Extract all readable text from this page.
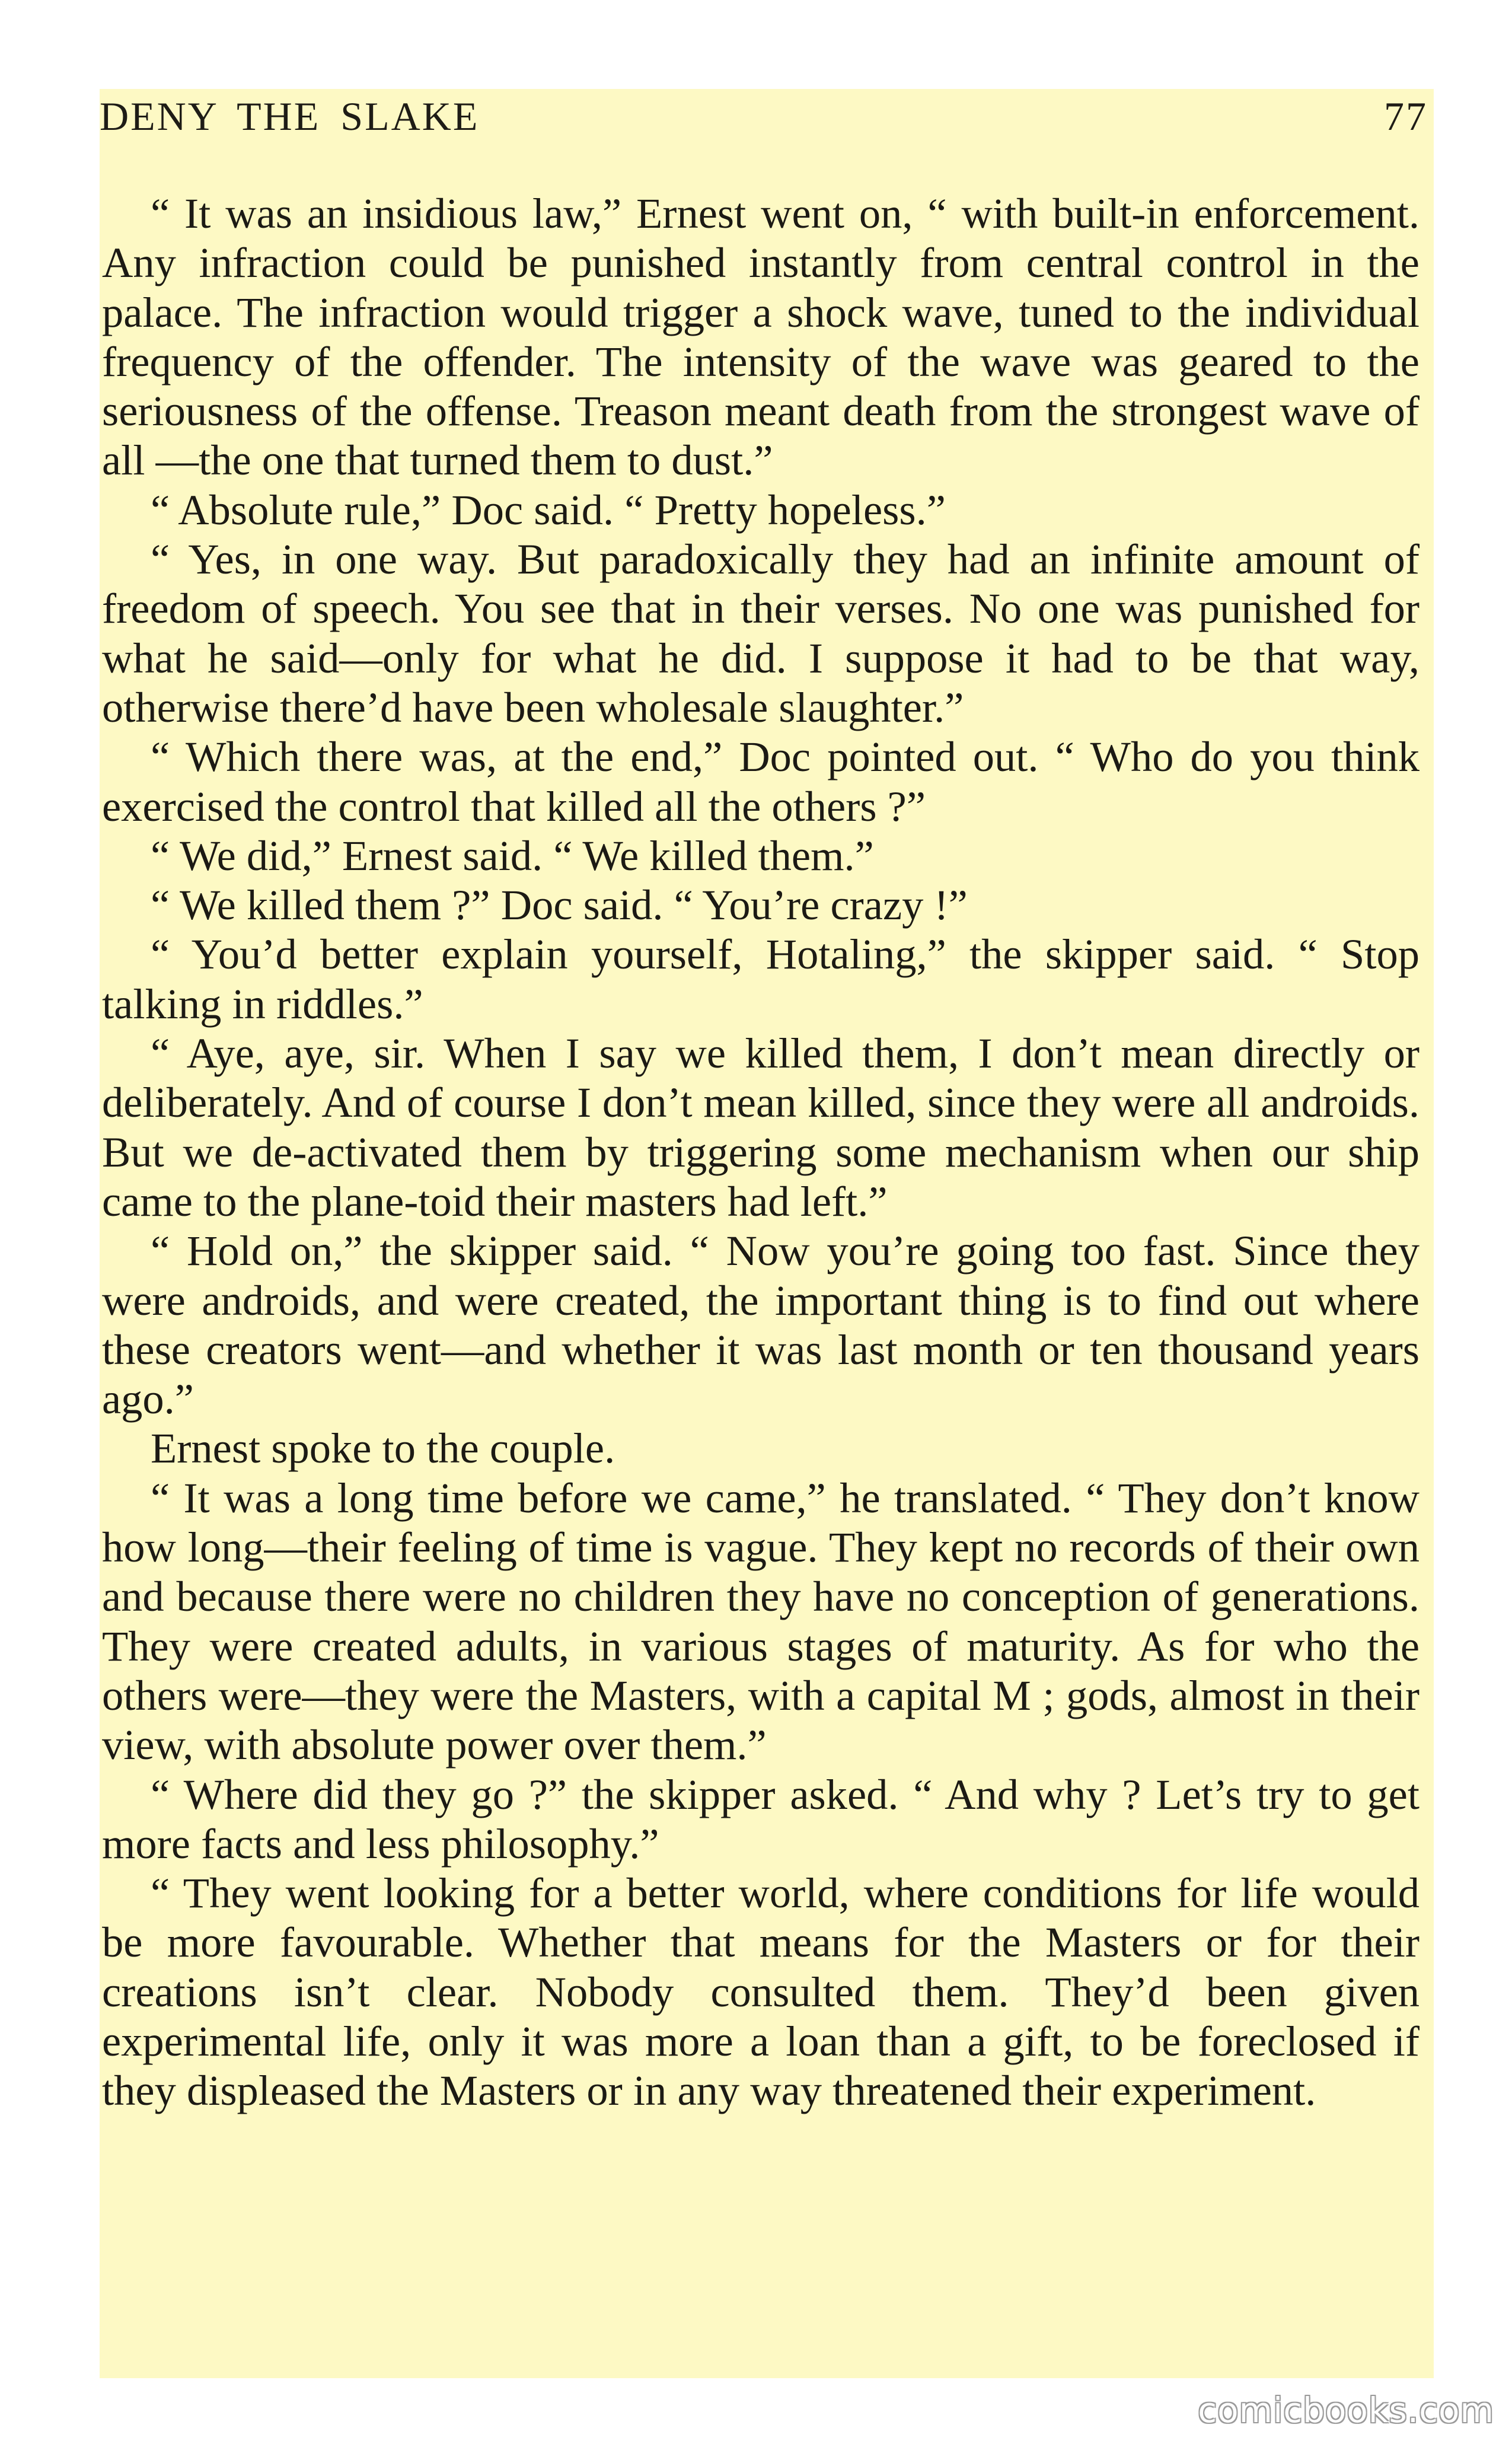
DENY THE SLAKE	77

“ It was an insidious law,” Ernest went on, “ with built-in enforcement. Any infraction could be punished instantly from central control in the palace. The infraction would trigger a shock wave, tuned to the individual frequency of the offender. The intensity of the wave was geared to the seriousness of the offense. Treason meant death from the strongest wave of all —the one that turned them to dust.”

“ Absolute rule,” Doc said. “ Pretty hopeless.”

“ Yes, in one way. But paradoxically they had an infinite amount of freedom of speech. You see that in their verses. No one was punished for what he said—only for what he did. I suppose it had to be that way, otherwise there’d have been wholesale slaughter.”

“ Which there was, at the end,” Doc pointed out. “ Who do you think exercised the control that killed all the others ?”

“ We did,” Ernest said. “ We killed them.”

“ We killed them ?” Doc said. “ You’re crazy !”

“ You’d better explain yourself, Hotaling,” the skipper said. “ Stop talking in riddles.”

“ Aye, aye, sir. When I say we killed them, I don’t mean directly or deliberately. And of course I don’t mean killed, since they were all androids. But we de-activated them by triggering some mechanism when our ship came to the plane-toid their masters had left.”

“ Hold on,” the skipper said. “ Now you’re going too fast. Since they were androids, and were created, the important thing is to find out where these creators went—and whether it was last month or ten thousand years ago.”

Ernest spoke to the couple.

“ It was a long time before we came,” he translated. “ They don’t know how long—their feeling of time is vague. They kept no records of their own and because there were no children they have no conception of generations. They were created adults, in various stages of maturity. As for who the others were—they were the Masters, with a capital M ; gods, almost in their view, with absolute power over them.”

“ Where did they go ?” the skipper asked. “ And why ? Let’s try to get more facts and less philosophy.”

“ They went looking for a better world, where conditions for life would be more favourable. Whether that means for the Masters or for their creations isn’t clear. Nobody consulted them. They’d been given experimental life, only it was more a loan than a gift, to be foreclosed if they displeased the Masters or in any way threatened their experiment.

comicbooks.com
